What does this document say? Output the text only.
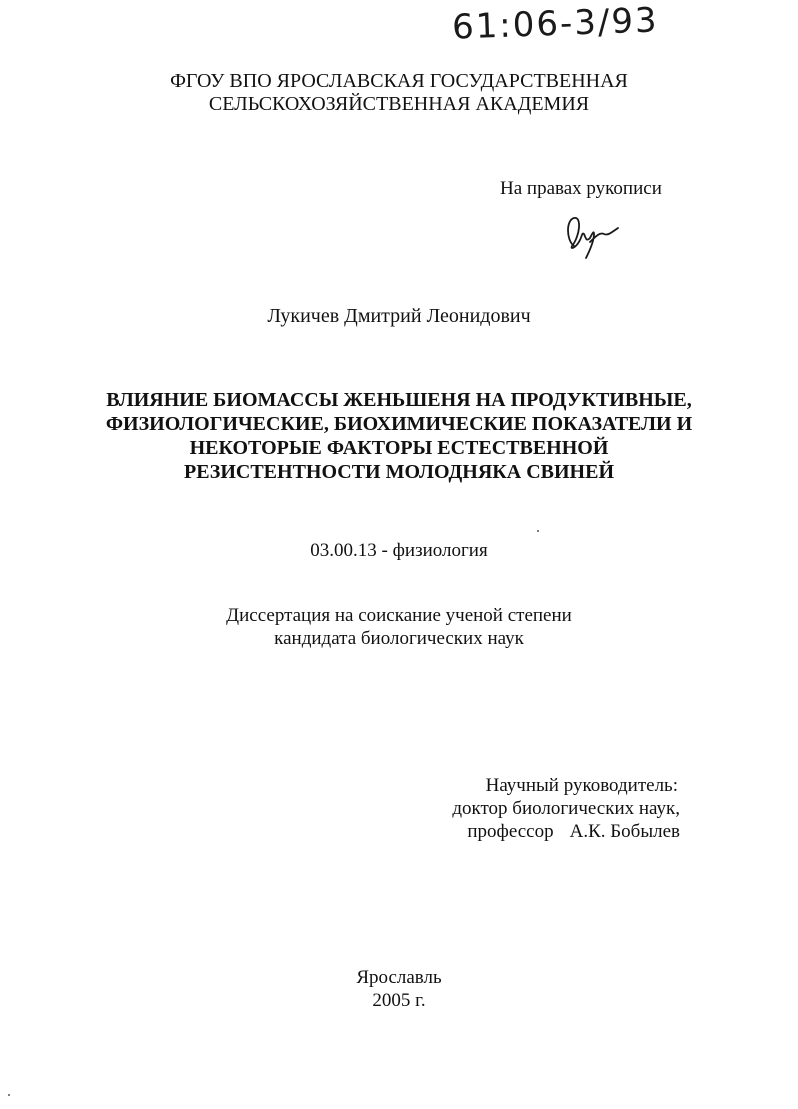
61:06-3/93
ФГОУ ВПО ЯРОСЛАВСКАЯ ГОСУДАРСТВЕННАЯ
СЕЛЬСКОХОЗЯЙСТВЕННАЯ АКАДЕМИЯ
На правах рукописи
Лукичев Дмитрий Леонидович
ВЛИЯНИЕ БИОМАССЫ ЖЕНЬШЕНЯ НА ПРОДУКТИВНЫЕ,
ФИЗИОЛОГИЧЕСКИЕ, БИОХИМИЧЕСКИЕ ПОКАЗАТЕЛИ И
НЕКОТОРЫЕ ФАКТОРЫ ЕСТЕСТВЕННОЙ
РЕЗИСТЕНТНОСТИ МОЛОДНЯКА СВИНЕЙ
03.00.13 - физиология
Диссертация на соискание ученой степени
кандидата биологических наук
Научный руководитель:
доктор биологических наук,
профессор А.К. Бобылев
Ярославль
2005 г.
